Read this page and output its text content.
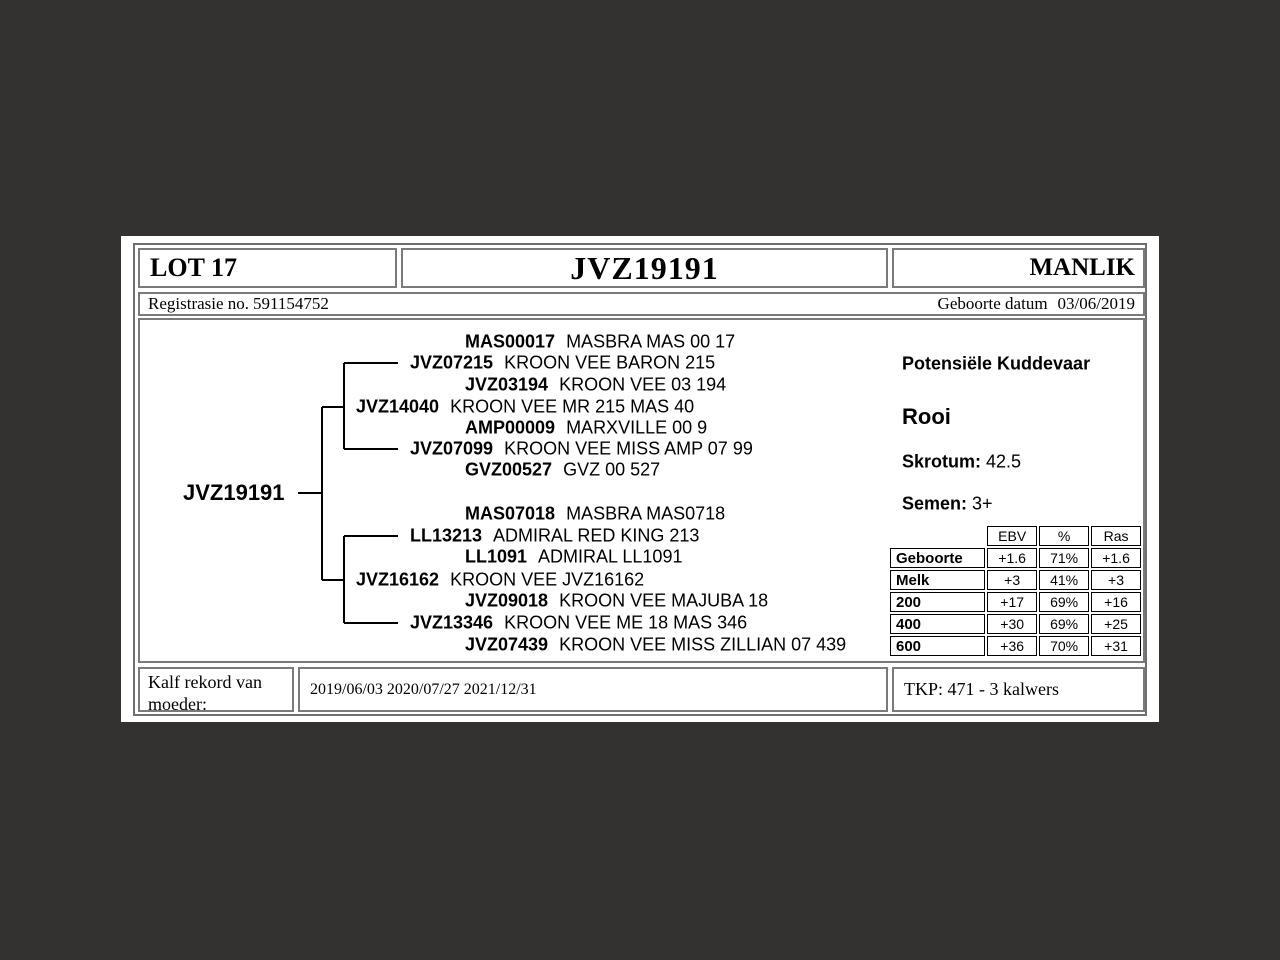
LOT 17	JVZ19191	MANLIK
Registrasie no. 591154752	Geboorte datum 03/06/2019
JVZ19191
MAS00017 MASBRA MAS 00 17
JVZ07215 KROON VEE BARON 215
JVZ03194 KROON VEE 03 194
JVZ14040 KROON VEE MR 215 MAS 40
AMP00009 MARXVILLE 00 9
JVZ07099 KROON VEE MISS AMP 07 99
GVZ00527 GVZ 00 527
MAS07018 MASBRA MAS0718
LL13213 ADMIRAL RED KING 213
LL1091 ADMIRAL LL1091
JVZ16162 KROON VEE JVZ16162
JVZ09018 KROON VEE MAJUBA 18
JVZ13346 KROON VEE ME 18 MAS 346
JVZ07439 KROON VEE MISS ZILLIAN 07 439
Potensiële Kuddevaar
Rooi
Skrotum: 42.5
Semen: 3+
	EBV	%	Ras
Geboorte	+1.6	71%	+1.6
Melk	+3	41%	+3
200	+17	69%	+16
400	+30	69%	+25
600	+36	70%	+31
Kalf rekord van moeder:
2019/06/03 2020/07/27 2021/12/31	TKP: 471 - 3 kalwers
